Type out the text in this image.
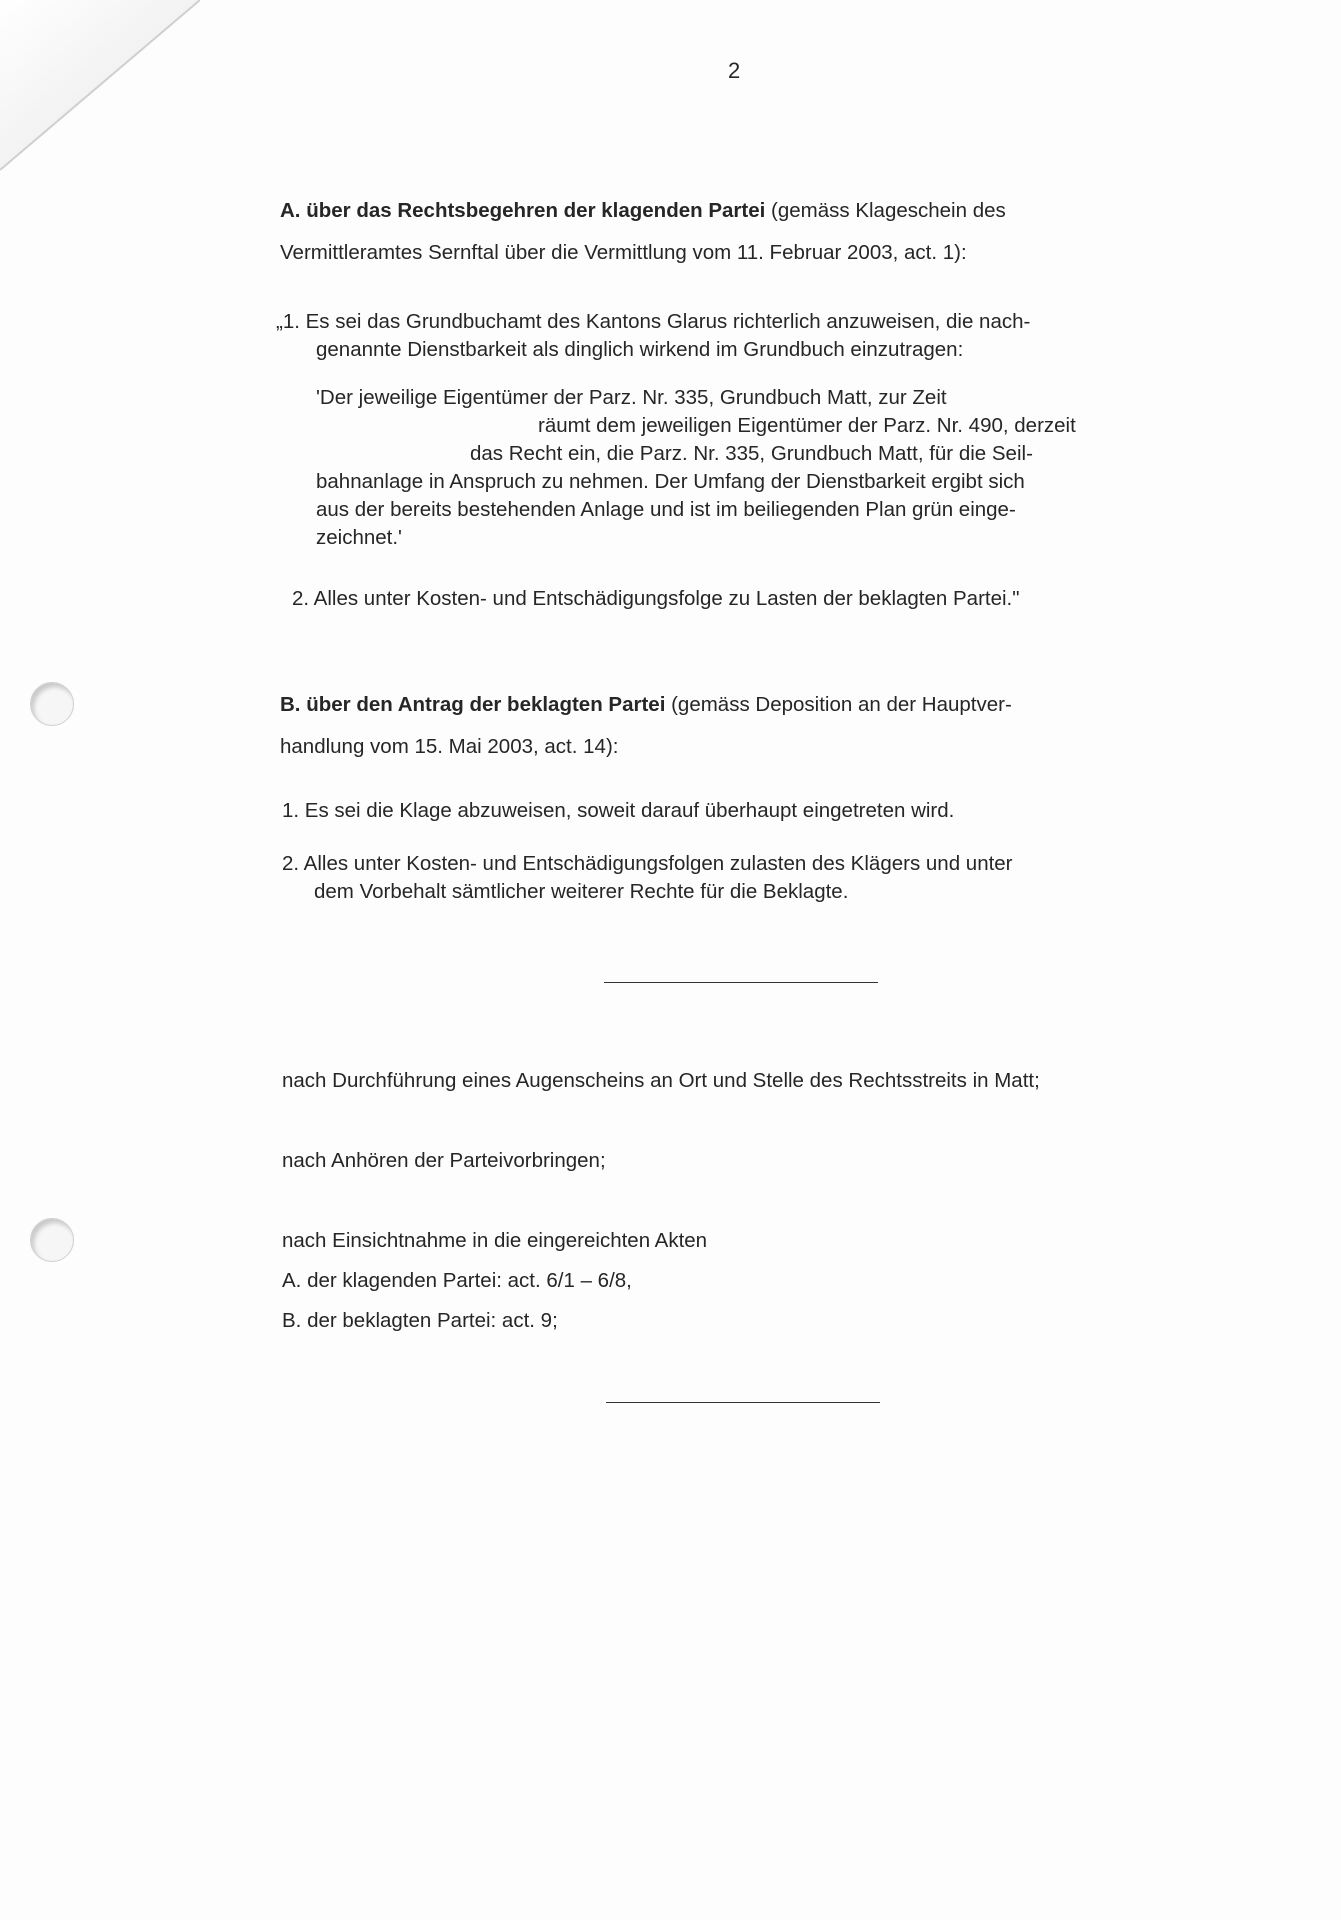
2
A. über das Rechtsbegehren der klagenden Partei (gemäss Klageschein des
Vermittleramtes Sernftal über die Vermittlung vom 11. Februar 2003, act. 1):
„1. Es sei das Grundbuchamt des Kantons Glarus richterlich anzuweisen, die nach-
genannte Dienstbarkeit als dinglich wirkend im Grundbuch einzutragen:
'Der jeweilige Eigentümer der Parz. Nr. 335, Grundbuch Matt, zur Zeit
räumt dem jeweiligen Eigentümer der Parz. Nr. 490, derzeit
das Recht ein, die Parz. Nr. 335, Grundbuch Matt, für die Seil-
bahnanlage in Anspruch zu nehmen. Der Umfang der Dienstbarkeit ergibt sich
aus der bereits bestehenden Anlage und ist im beiliegenden Plan grün einge-
zeichnet.'
2. Alles unter Kosten- und Entschädigungsfolge zu Lasten der beklagten Partei."
B. über den Antrag der beklagten Partei (gemäss Deposition an der Hauptver-
handlung vom 15. Mai 2003, act. 14):
1. Es sei die Klage abzuweisen, soweit darauf überhaupt eingetreten wird.
2. Alles unter Kosten- und Entschädigungsfolgen zulasten des Klägers und unter
dem Vorbehalt sämtlicher weiterer Rechte für die Beklagte.
nach Durchführung eines Augenscheins an Ort und Stelle des Rechtsstreits in Matt;
nach Anhören der Parteivorbringen;
nach Einsichtnahme in die eingereichten Akten
A. der klagenden Partei: act. 6/1 – 6/8,
B. der beklagten Partei: act. 9;
